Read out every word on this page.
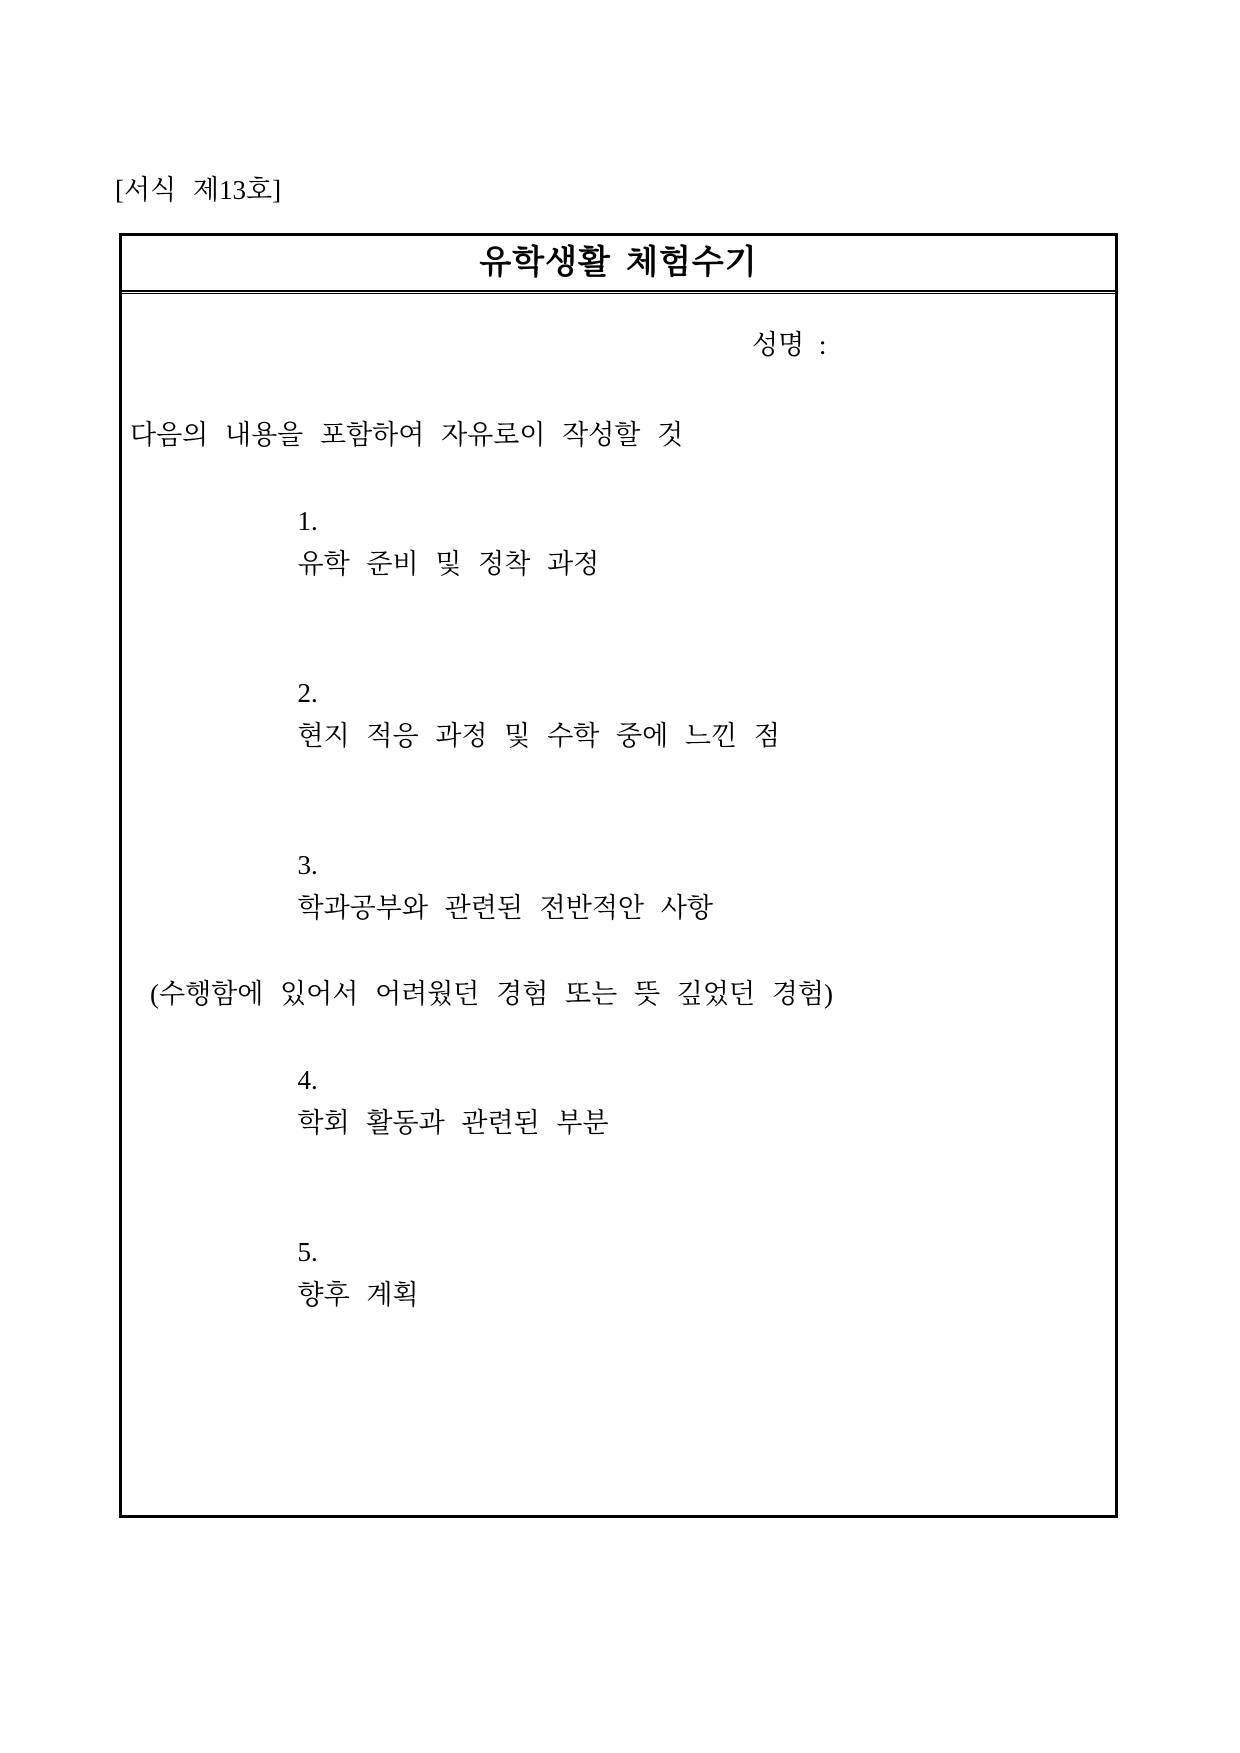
[서식 제13호]
유학생활 체험수기
성명 :
다음의 내용을 포함하여 자유로이 작성할 것

1.
유학 준비 및 정착 과정

2.
현지 적응 과정 및 수학 중에 느낀 점

3.
학과공부와 관련된 전반적안 사항

(수행함에 있어서 어려웠던 경험 또는 뜻 깊었던 경험)

4.
학회 활동과 관련된 부분

5.
향후 계획
